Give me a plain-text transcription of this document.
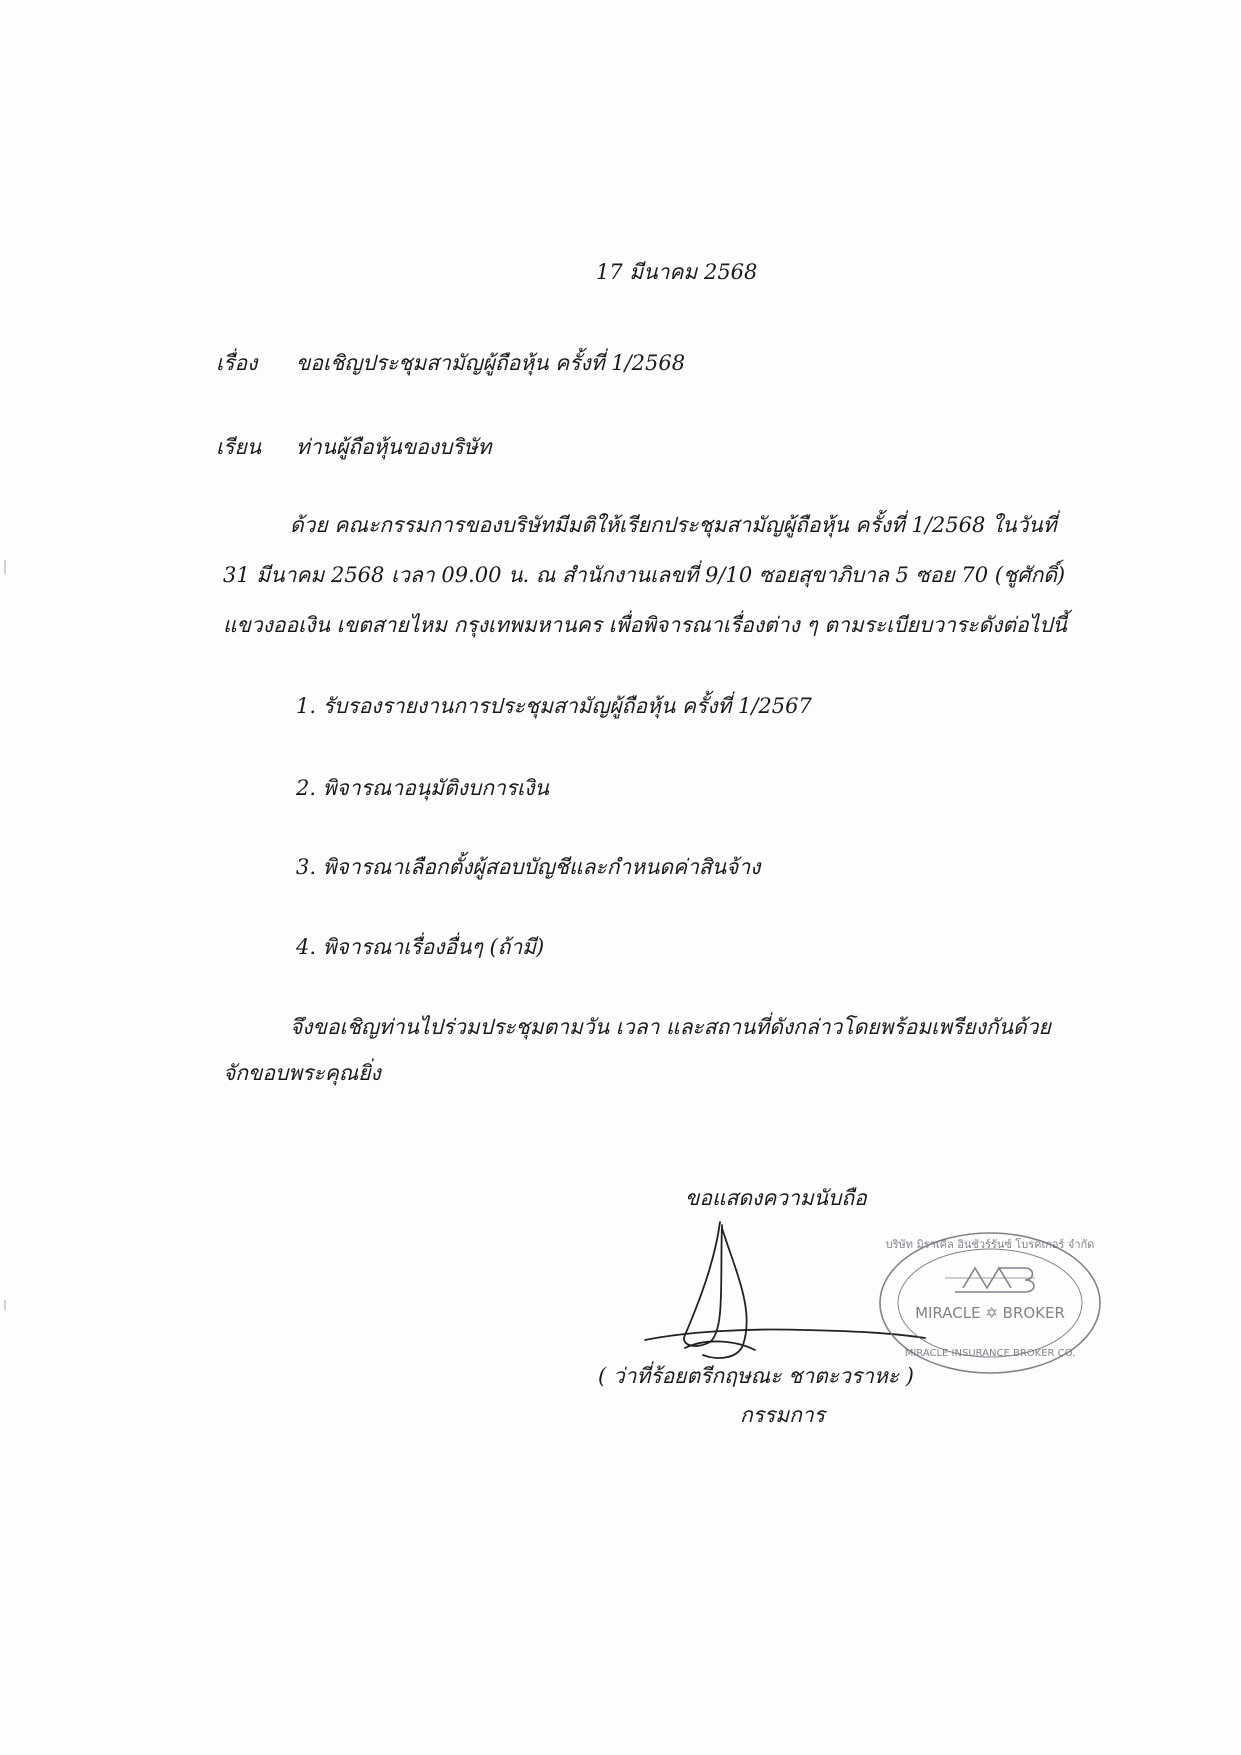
17 มีนาคม 2568
เรื่อง ขอเชิญประชุมสามัญผู้ถือหุ้น ครั้งที่ 1/2568
เรียน ท่านผู้ถือหุ้นของบริษัท
ด้วย คณะกรรมการของบริษัทมีมติให้เรียกประชุมสามัญผู้ถือหุ้น ครั้งที่ 1/2568 ในวันที่
31 มีนาคม 2568 เวลา 09.00 น. ณ สำนักงานเลขที่ 9/10 ซอยสุขาภิบาล 5 ซอย 70 (ชูศักดิ์)
แขวงออเงิน เขตสายไหม กรุงเทพมหานคร เพื่อพิจารณาเรื่องต่าง ๆ ตามระเบียบวาระดังต่อไปนี้
1. รับรองรายงานการประชุมสามัญผู้ถือหุ้น ครั้งที่ 1/2567
2. พิจารณาอนุมัติงบการเงิน
3. พิจารณาเลือกตั้งผู้สอบบัญชีและกำหนดค่าสินจ้าง
4. พิจารณาเรื่องอื่นๆ (ถ้ามี)
จึงขอเชิญท่านไปร่วมประชุมตามวัน เวลา และสถานที่ดังกล่าวโดยพร้อมเพรียงกันด้วย
จักขอบพระคุณยิ่ง
ขอแสดงความนับถือ
บริษัท มิราเคิล อินชัวร์รันซ์ โบรคเกอร์ จำกัด
MIRACLE ✡ BROKER
MIRACLE INSURANCE BROKER CO.
( ว่าที่ร้อยตรีกฤษณะ ชาตะวราหะ )
กรรมการ
